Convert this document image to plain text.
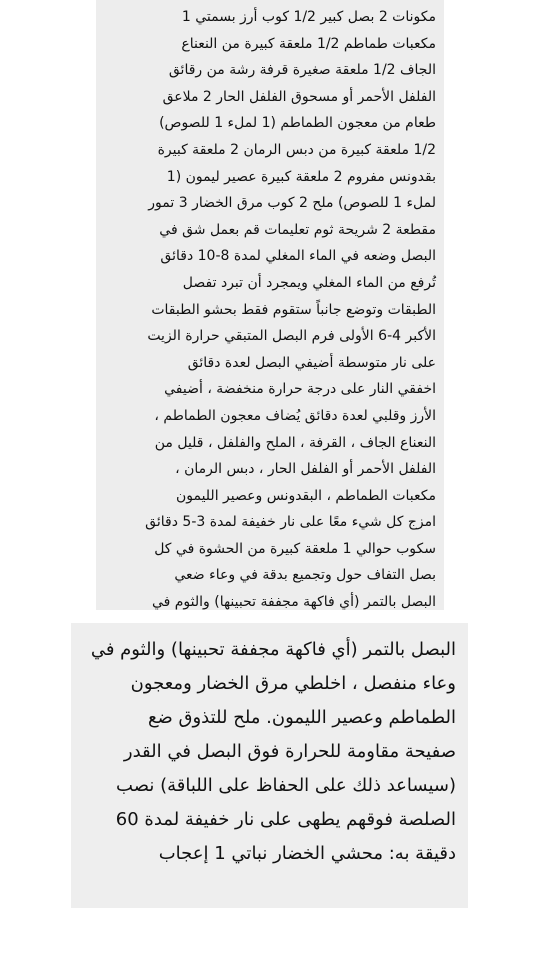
مكونات 2 بصل كبير 1/2 كوب أرز بسمتي 1
مكعبات طماطم 1/2 ملعقة كبيرة من النعناع
الجاف 1/2 ملعقة صغيرة قرفة رشة من رقائق
الفلفل الأحمر أو مسحوق الفلفل الحار 2 ملاعق
طعام من معجون الطماطم (1 لملء 1 للصوص)
1/2 ملعقة كبيرة من دبس الرمان 2 ملعقة كبيرة
بقدونس مفروم 2 ملعقة كبيرة عصير ليمون (1
لملء 1 للصوص) ملح 2 كوب مرق الخضار 3 تمور
مقطعة 2 شريحة ثوم تعليمات قم بعمل شق في
البصل وضعه في الماء المغلي لمدة 8-10 دقائق
تُرفع من الماء المغلي ويمجرد أن تبرد تفصل
الطبقات وتوضع جانباً ستقوم فقط بحشو الطبقات
الأكبر 4-6 الأولى فرم البصل المتبقي حرارة الزيت
على نار متوسطة أضيفي البصل لعدة دقائق
اخفقي النار على درجة حرارة منخفضة ، أضيفي
الأرز وقلبي لعدة دقائق يُضاف معجون الطماطم ،
النعناع الجاف ، القرفة ، الملح والفلفل ، قليل من
الفلفل الأحمر أو الفلفل الحار ، دبس الرمان ،
مكعبات الطماطم ، البقدونس وعصير الليمون
امزج كل شيء معًا على نار خفيفة لمدة 3-5 دقائق
سكوب حوالي 1 ملعقة كبيرة من الحشوة في كل
بصل التفاف حول وتجميع بدقة في وعاء ضعي
البصل بالتمر (أي فاكهة مجففة تحبينها) والثوم في
البصل بالتمر (أي فاكهة مجففة تحبينها) والثوم في
وعاء منفصل ، اخلطي مرق الخضار ومعجون
الطماطم وعصير الليمون. ملح للتذوق ضع
صفيحة مقاومة للحرارة فوق البصل في القدر
(سيساعد ذلك على الحفاظ على اللباقة) نصب
الصلصة فوقهم يطهى على نار خفيفة لمدة 60
دقيقة به: محشي الخضار نباتي 1 إعجاب
